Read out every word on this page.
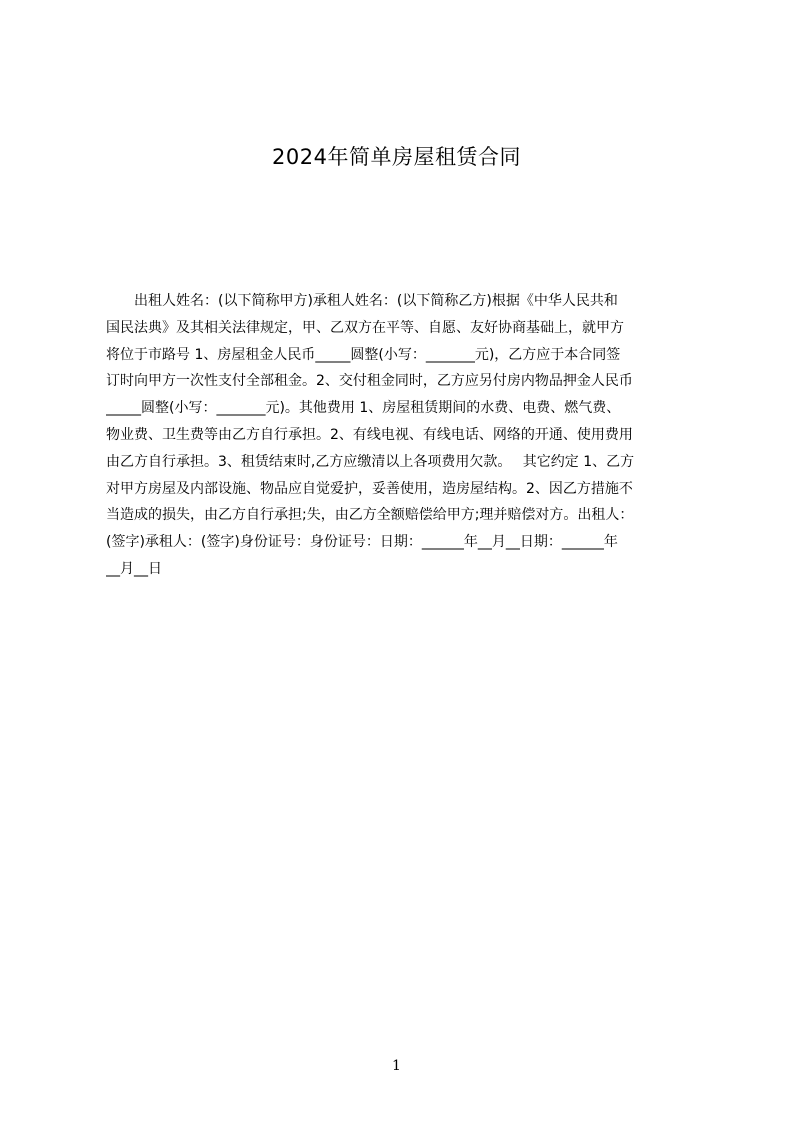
2024年简单房屋租赁合同
　　出租人姓名：(以下简称甲方)承租人姓名：(以下简称乙方)根据《中华人民共和
国民法典》及其相关法律规定，甲、乙双方在平等、自愿、友好协商基础上，就甲方
将位于市路号 1、房屋租金人民币_____圆整(小写：_______元)，乙方应于本合同签
订时向甲方一次性支付全部租金。2、交付租金同时，乙方应另付房内物品押金人民币
_____圆整(小写：_______元)。其他费用 1、房屋租赁期间的水费、电费、燃气费、
物业费、卫生费等由乙方自行承担。2、有线电视、有线电话、网络的开通、使用费用
由乙方自行承担。3、租赁结束时,乙方应缴清以上各项费用欠款。　 其它约定 1、乙方
对甲方房屋及内部设施、物品应自觉爱护，妥善使用，造房屋结构。2、因乙方措施不
当造成的损失，由乙方自行承担;失，由乙方全额赔偿给甲方;理并赔偿对方。出租人：
(签字)承租人：(签字)身份证号：身份证号：日期：______年__月__日期：______年
__月__日
1
